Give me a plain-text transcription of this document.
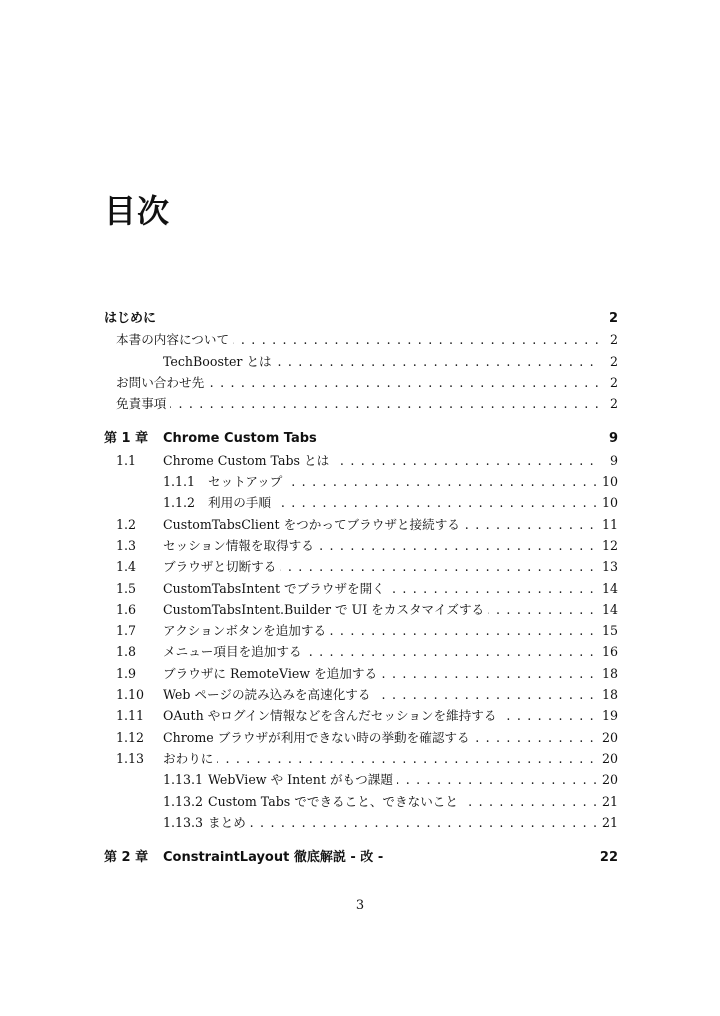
目次
はじめに	2
. . .
本書の内容について	2
. . .
TechBooster とは	2
. . .
お問い合わせ先	2
. . .
免責事項	2
第 1 章	Chrome Custom Tabs	9
1.1 . . . Chrome Custom Tabs とは	9
1.1.1 . . . セットアップ	10
1.1.2 . . . 利用の手順	10
1.2 . . . CustomTabsClient をつかってブラウザと接続する	11
1.3 . . . セッション情報を取得する	12
1.4 . . . ブラウザと切断する	13
1.5 . . . CustomTabsIntent でブラウザを開く	14
1.6 . . . CustomTabsIntent.Builder で UI をカスタマイズする	14
1.7 . . . アクションボタンを追加する	15
1.8 . . . メニュー項目を追加する	16
1.9 . . . ブラウザに RemoteView を追加する	18
1.10 . . . Web ページの読み込みを高速化する	18
1.11 . . . OAuth やログイン情報などを含んだセッションを維持する	19
1.12 . . . Chrome ブラウザが利用できない時の挙動を確認する	20
1.13 . . . おわりに	20
1.13.1 . . . WebView や Intent がもつ課題	20
1.13.2 . . . Custom Tabs でできること、できないこと	21
1.13.3 . . . まとめ	21
第 2 章	ConstraintLayout 徹底解説 - 改 -	22
3
